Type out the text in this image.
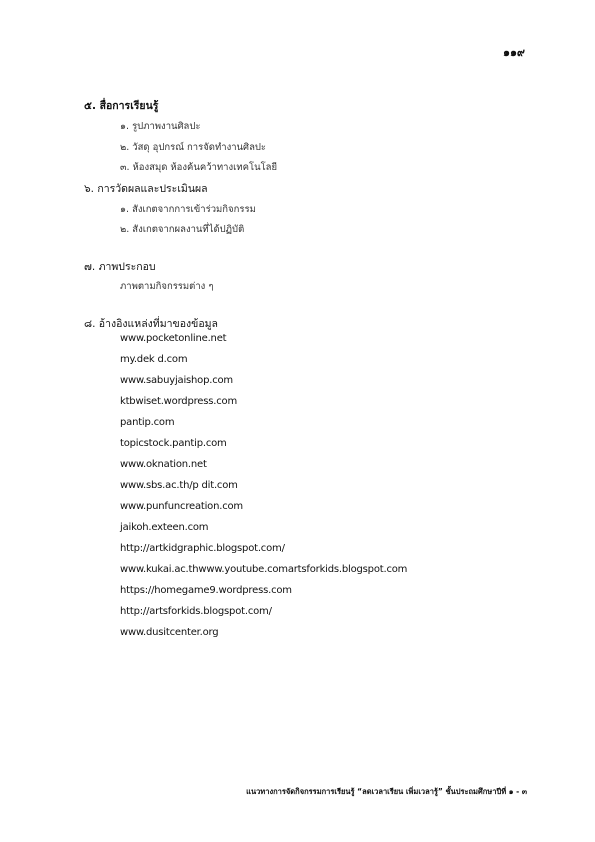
๑๑๙
๕. สื่อการเรียนรู้
๑. รูปภาพงานศิลปะ
๒. วัสดุ อุปกรณ์ การจัดทำงานศิลปะ
๓. ห้องสมุด ห้องค้นคว้าทางเทคโนโลยี
๖. การวัดผลและประเมินผล
๑. สังเกตจากการเข้าร่วมกิจกรรม
๒. สังเกตจากผลงานที่ได้ปฏิบัติ
๗. ภาพประกอบ
ภาพตามกิจกรรมต่าง ๆ
๘. อ้างอิงแหล่งที่มาของข้อมูล
www.pocketonline.net
my.dek d.com
www.sabuyjaishop.com
ktbwiset.wordpress.com
pantip.com
topicstock.pantip.com
www.oknation.net
www.sbs.ac.th/p dit.com
www.punfuncreation.com
jaikoh.exteen.com
http://artkidgraphic.blogspot.com/
www.kukai.ac.thwww.youtube.comartsforkids.blogspot.com
https://homegame9.wordpress.com
http://artsforkids.blogspot.com/
www.dusitcenter.org
แนวทางการจัดกิจกรรมการเรียนรู้ “ลดเวลาเรียน เพิ่มเวลารู้” ชั้นประถมศึกษาปีที่ ๑ - ๓
